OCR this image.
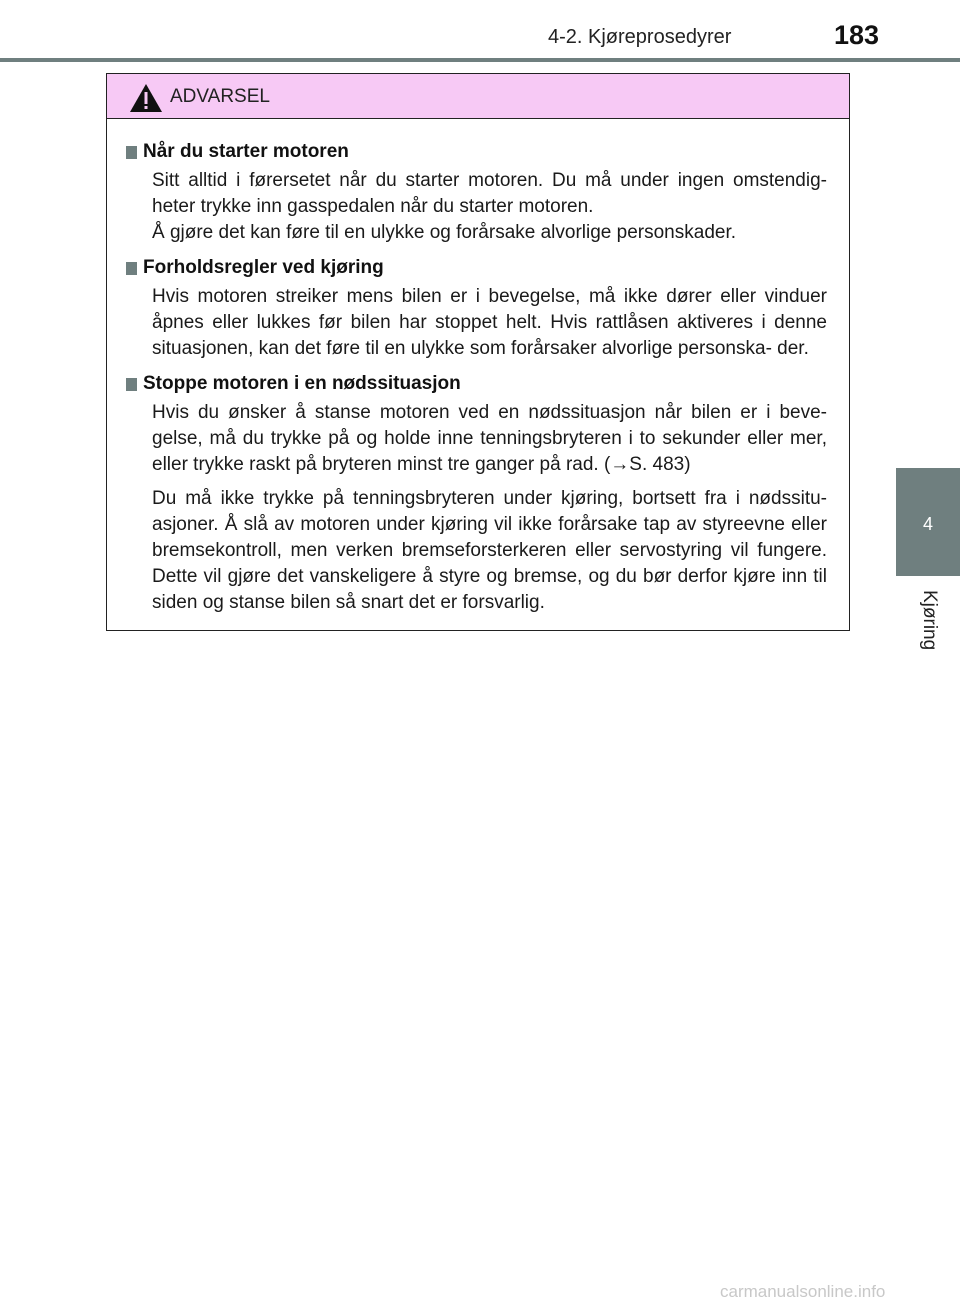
4-2. Kjøreprosedyrer	183
4
Kjøring
ADVARSEL
Når du starter motoren

Sitt alltid i førersetet når du starter motoren. Du må under ingen omstendig- heter trykke inn gasspedalen når du starter motoren.

Å gjøre det kan føre til en ulykke og forårsake alvorlige personskader.

Forholdsregler ved kjøring

Hvis motoren streiker mens bilen er i bevegelse, må ikke dører eller vinduer åpnes eller lukkes før bilen har stoppet helt. Hvis rattlåsen aktiveres i denne situasjonen, kan det føre til en ulykke som forårsaker alvorlige personska- der.

Stoppe motoren i en nødssituasjon

Hvis du ønsker å stanse motoren ved en nødssituasjon når bilen er i beve- gelse, må du trykke på og holde inne tenningsbryteren i to sekunder eller mer, eller trykke raskt på bryteren minst tre ganger på rad. (→S. 483)

Du må ikke trykke på tenningsbryteren under kjøring, bortsett fra i nødssitu- asjoner. Å slå av motoren under kjøring vil ikke forårsake tap av styreevne eller bremsekontroll, men verken bremseforsterkeren eller servostyring vil fungere. Dette vil gjøre det vanskeligere å styre og bremse, og du bør derfor kjøre inn til siden og stanse bilen så snart det er forsvarlig.

carmanualsonline.info
